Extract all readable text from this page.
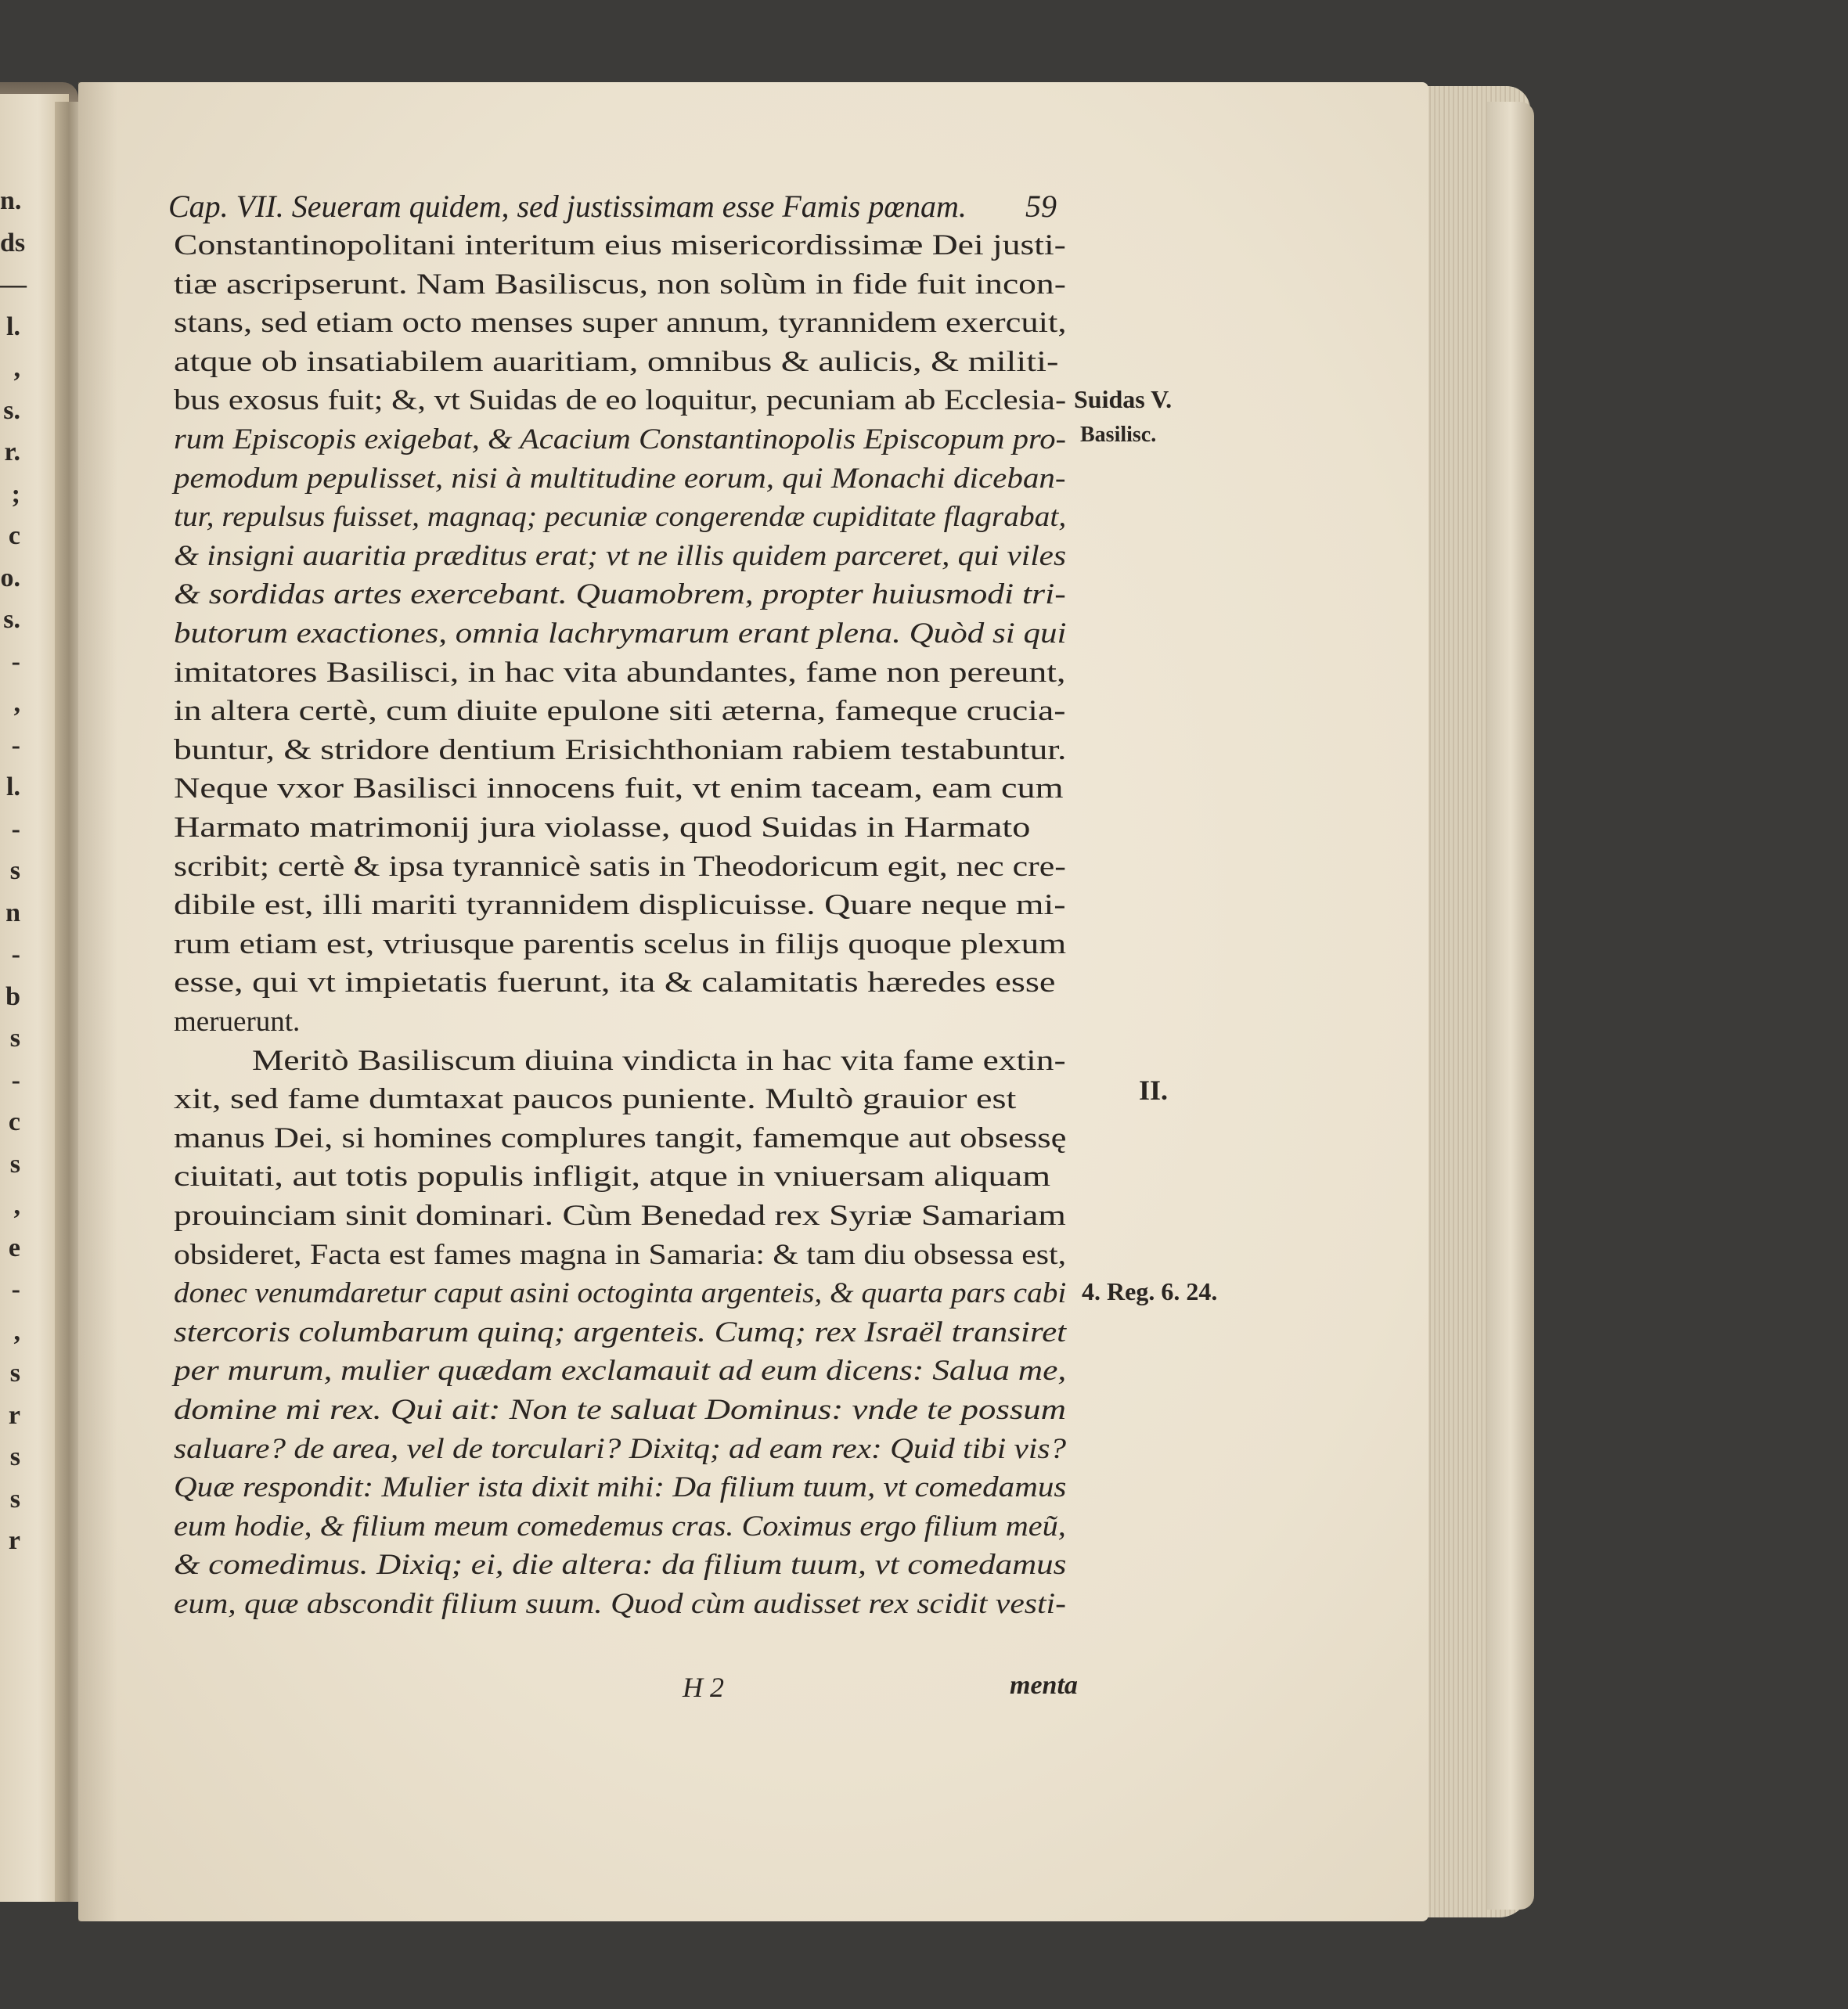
n.
ds
—
l.
,
s.
r.
;
c
o.
s.
-
,
-
l.
-
s
n
-
b
s
-
c
s
,
e
-
,
s
r
s
s
r
Cap. VII. Seueram quidem, sed justissimam esse Famis pœnam. 59
Constantinopolitani interitum eius misericordissimæ Dei justi-
tiæ ascripserunt. Nam Basiliscus, non solùm in fide fuit incon-
stans, sed etiam octo menses super annum, tyrannidem exercuit,
atque ob insatiabilem auaritiam, omnibus & aulicis, & militi-
bus exosus fuit; &, vt Suidas de eo loquitur, pecuniam ab Ecclesia-
rum Episcopis exigebat, & Acacium Constantinopolis Episcopum pro-
pemodum pepulisset, nisi à multitudine eorum, qui Monachi diceban-
tur, repulsus fuisset, magnaq; pecuniæ congerendæ cupiditate flagrabat,
& insigni auaritia præditus erat; vt ne illis quidem parceret, qui viles
& sordidas artes exercebant. Quamobrem, propter huiusmodi tri-
butorum exactiones, omnia lachrymarum erant plena. Quòd si qui
imitatores Basilisci, in hac vita abundantes, fame non pereunt,
in altera certè, cum diuite epulone siti æterna, fameque crucia-
buntur, & stridore dentium Erisichthoniam rabiem testabuntur.
Neque vxor Basilisci innocens fuit, vt enim taceam, eam cum
Harmato matrimonij jura violasse, quod Suidas in Harmato
scribit; certè & ipsa tyrannicè satis in Theodoricum egit, nec cre-
dibile est, illi mariti tyrannidem displicuisse. Quare neque mi-
rum etiam est, vtriusque parentis scelus in filijs quoque plexum
esse, qui vt impietatis fuerunt, ita & calamitatis hæredes esse
meruerunt.
Meritò Basiliscum diuina vindicta in hac vita fame extin-
xit, sed fame dumtaxat paucos puniente. Multò grauior est
manus Dei, si homines complures tangit, famemque aut obsessę
ciuitati, aut totis populis infligit, atque in vniuersam aliquam
prouinciam sinit dominari. Cùm Benedad rex Syriæ Samariam
obsideret, Facta est fames magna in Samaria: & tam diu obsessa est,
donec venumdaretur caput asini octoginta argenteis, & quarta pars cabi
stercoris columbarum quinq; argenteis. Cumq; rex Israël transiret
per murum, mulier quædam exclamauit ad eum dicens: Salua me,
domine mi rex. Qui ait: Non te saluat Dominus: vnde te possum
saluare? de area, vel de torculari? Dixitq; ad eam rex: Quid tibi vis?
Quæ respondit: Mulier ista dixit mihi: Da filium tuum, vt comedamus
eum hodie, & filium meum comedemus cras. Coximus ergo filium meũ,
& comedimus. Dixiq; ei, die altera: da filium tuum, vt comedamus
eum, quæ abscondit filium suum. Quod cùm audisset rex scidit vesti-
Suidas V.
Basilisc.
II.
4. Reg. 6. 24.
H 2	menta
